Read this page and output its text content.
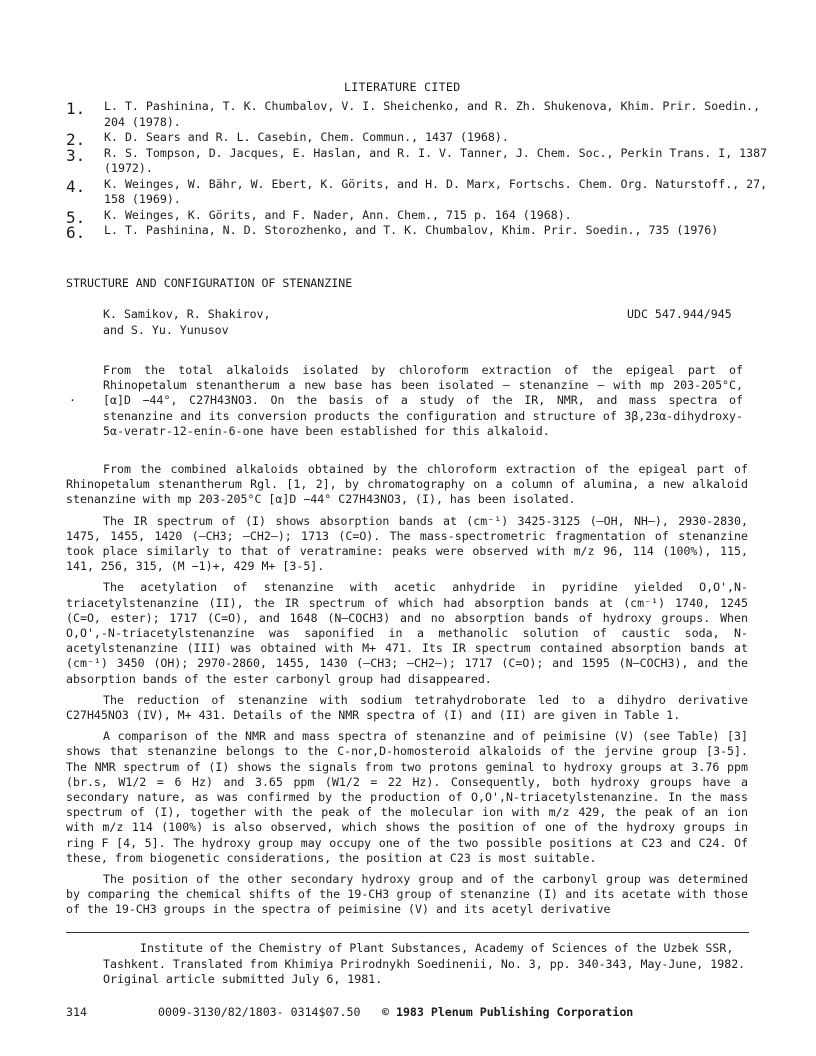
LITERATURE CITED
1. L. T. Pashinina, T. K. Chumbalov, V. I. Sheichenko, and R. Zh. Shukenova, Khim. Prir. Soedin., 204 (1978).
2. K. D. Sears and R. L. Casebin, Chem. Commun., 1437 (1968).
3. R. S. Tompson, D. Jacques, E. Haslan, and R. I. V. Tanner, J. Chem. Soc., Perkin Trans. I, 1387 (1972).
4. K. Weinges, W. Bähr, W. Ebert, K. Görits, and H. D. Marx, Fortschs. Chem. Org. Naturstoff., 27, 158 (1969).
5. K. Weinges, K. Görits, and F. Nader, Ann. Chem., 715 p. 164 (1968).
6. L. T. Pashinina, N. D. Storozhenko, and T. K. Chumbalov, Khim. Prir. Soedin., 735 (1976)
STRUCTURE AND CONFIGURATION OF STENANZINE
K. Samikov, R. Shakirov,
and S. Yu. Yunusov
UDC 547.944/945
·

From the total alkaloids isolated by chloroform extraction of the epigeal part of Rhinopetalum stenantherum a new base has been isolated — stenanzine — with mp 203-205°C, [α]D −44°, C27H43NO3. On the basis of a study of the IR, NMR, and mass spectra of stenanzine and its conversion products the configuration and structure of 3β,23α-dihydroxy-5α-veratr-12-enin-6-one have been established for this alkaloid.

From the combined alkaloids obtained by the chloroform extraction of the epigeal part of Rhinopetalum stenantherum Rgl. [1, 2], by chromatography on a column of alumina, a new alkaloid stenanzine with mp 203-205°C [α]D −44° C27H43NO3, (I), has been isolated.

The IR spectrum of (I) shows absorption bands at (cm⁻¹) 3425-3125 (—OH, NH—), 2930-2830, 1475, 1455, 1420 (—CH3; —CH2—); 1713 (C=O). The mass-spectrometric fragmentation of stenanzine took place similarly to that of veratramine: peaks were observed with m/z 96, 114 (100%), 115, 141, 256, 315, (M −1)+, 429 M+ [3-5].

The acetylation of stenanzine with acetic anhydride in pyridine yielded O,O',N-triacetylstenanzine (II), the IR spectrum of which had absorption bands at (cm⁻¹) 1740, 1245 (C=O, ester); 1717 (C=O), and 1648 (N—COCH3) and no absorption bands of hydroxy groups. When O,O',-N-triacetylstenanzine was saponified in a methanolic solution of caustic soda, N-acetylstenanzine (III) was obtained with M+ 471. Its IR spectrum contained absorption bands at (cm⁻¹) 3450 (OH); 2970-2860, 1455, 1430 (—CH3; —CH2—); 1717 (C=O); and 1595 (N—COCH3), and the absorption bands of the ester carbonyl group had disappeared.

The reduction of stenanzine with sodium tetrahydroborate led to a dihydro derivative C27H45NO3 (IV), M+ 431. Details of the NMR spectra of (I) and (II) are given in Table 1.

A comparison of the NMR and mass spectra of stenanzine and of peimisine (V) (see Table) [3] shows that stenanzine belongs to the C-nor,D-homosteroid alkaloids of the jervine group [3-5]. The NMR spectrum of (I) shows the signals from two protons geminal to hydroxy groups at 3.76 ppm (br.s, W1/2 = 6 Hz) and 3.65 ppm (W1/2 = 22 Hz). Consequently, both hydroxy groups have a secondary nature, as was confirmed by the production of O,O',N-triacetylstenanzine. In the mass spectrum of (I), together with the peak of the molecular ion with m/z 429, the peak of an ion with m/z 114 (100%) is also observed, which shows the position of one of the hydroxy groups in ring F [4, 5]. The hydroxy group may occupy one of the two possible positions at C23 and C24. Of these, from biogenetic considerations, the position at C23 is most suitable.

The position of the other secondary hydroxy group and of the carbonyl group was determined by comparing the chemical shifts of the 19-CH3 group of stenanzine (I) and its acetate with those of the 19-CH3 groups in the spectra of peimisine (V) and its acetyl derivative

Institute of the Chemistry of Plant Substances, Academy of Sciences of the Uzbek SSR, Tashkent. Translated from Khimiya Prirodnykh Soedinenii, No. 3, pp. 340-343, May-June, 1982. Original article submitted July 6, 1981.

314	0009-3130/82/1803- 0314$07.50 © 1983 Plenum Publishing Corporation
